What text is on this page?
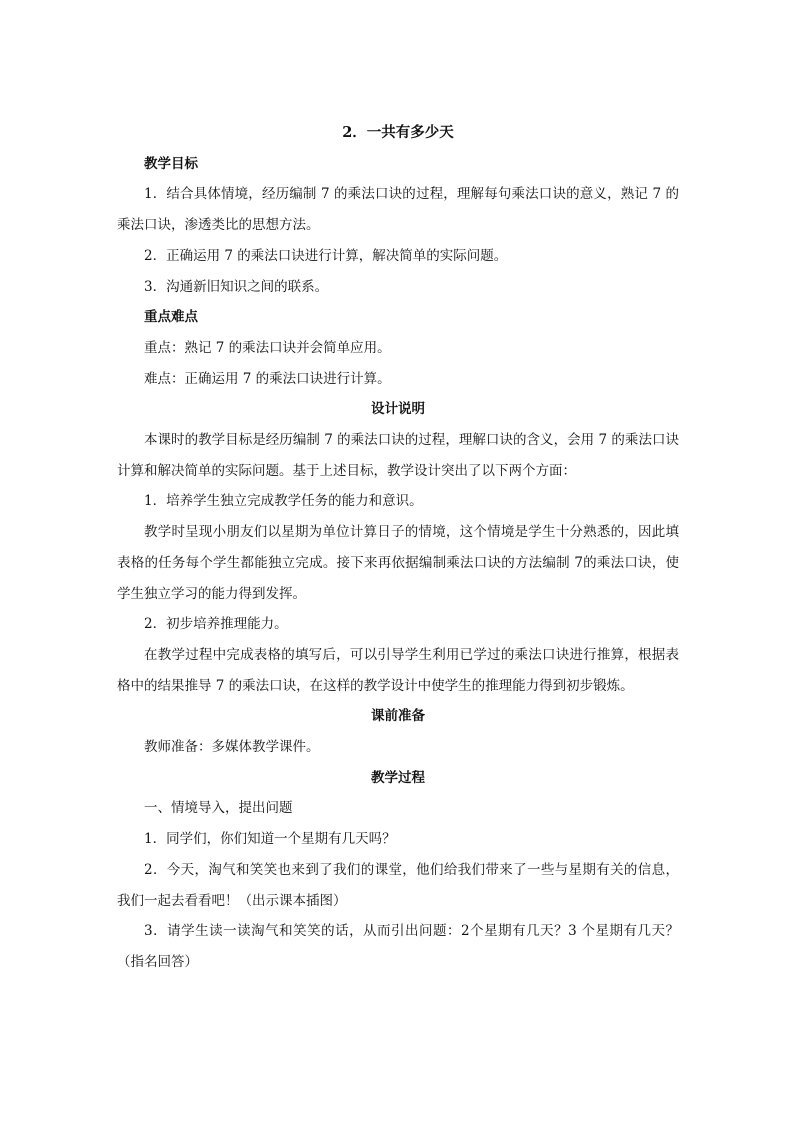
2．一共有多少天

教学目标

1．结合具体情境，经历编制 7 的乘法口诀的过程，理解每句乘法口诀的意义，熟记 7 的乘法口诀，渗透类比的思想方法。

2．正确运用 7 的乘法口诀进行计算，解决简单的实际问题。

3．沟通新旧知识之间的联系。

重点难点

重点：熟记 7 的乘法口诀并会简单应用。

难点：正确运用 7 的乘法口诀进行计算。

设计说明

本课时的教学目标是经历编制 7 的乘法口诀的过程，理解口诀的含义，会用 7 的乘法口诀计算和解决简单的实际问题。基于上述目标，教学设计突出了以下两个方面：

1．培养学生独立完成教学任务的能力和意识。

教学时呈现小朋友们以星期为单位计算日子的情境，这个情境是学生十分熟悉的，因此填表格的任务每个学生都能独立完成。接下来再依据编制乘法口诀的方法编制 7的乘法口诀，使学生独立学习的能力得到发挥。

2．初步培养推理能力。

在教学过程中完成表格的填写后，可以引导学生利用已学过的乘法口诀进行推算，根据表格中的结果推导 7 的乘法口诀，在这样的教学设计中使学生的推理能力得到初步锻炼。

课前准备

教师准备：多媒体教学课件。

教学过程

一、情境导入，提出问题

1．同学们，你们知道一个星期有几天吗？

2．今天，淘气和笑笑也来到了我们的课堂，他们给我们带来了一些与星期有关的信息，我们一起去看看吧！（出示课本插图）

3．请学生读一读淘气和笑笑的话，从而引出问题：2个星期有几天？3 个星期有几天？（指名回答）
